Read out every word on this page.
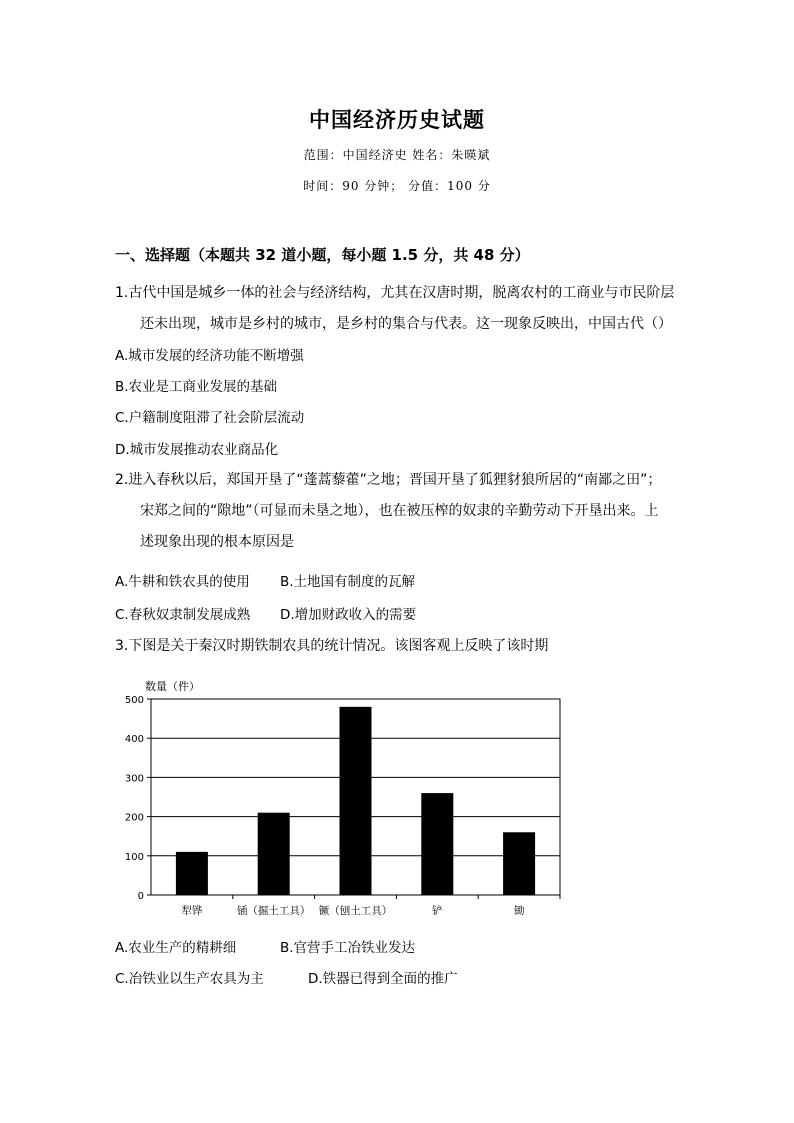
中国经济历史试题
范围：中国经济史 姓名：朱暎斌
时间：90 分钟； 分值：100 分
一、选择题（本题共 32 道小题，每小题 1.5 分，共 48 分）
1.古代中国是城乡一体的社会与经济结构，尤其在汉唐时期，脱离农村的工商业与市民阶层
还未出现，城市是乡村的城市，是乡村的集合与代表。这一现象反映出，中国古代（）
A.城市发展的经济功能不断增强
B.农业是工商业发展的基础
C.户籍制度阻滞了社会阶层流动
D.城市发展推动农业商品化
2.进入春秋以后，郑国开垦了“蓬蒿藜藿”之地；晋国开垦了狐狸豺狼所居的“南鄙之田”；
宋郑之间的“隙地”（可显而未垦之地），也在被压榨的奴隶的辛勤劳动下开垦出来。上
述现象出现的根本原因是
A.牛耕和铁农具的使用 B.土地国有制度的瓦解
C.春秋奴隶制发展成熟 D.增加财政收入的需要
3.下图是关于秦汉时期铁制农具的统计情况。该图客观上反映了该时期
数量（件）
0
100
200
300
400
500
犁铧	锸（掘土工具） 镢（刨土工具）	铲	锄
A.农业生产的精耕细	B.官营手工冶铁业发达
C.冶铁业以生产农具为主	D.铁器已得到全面的推广
